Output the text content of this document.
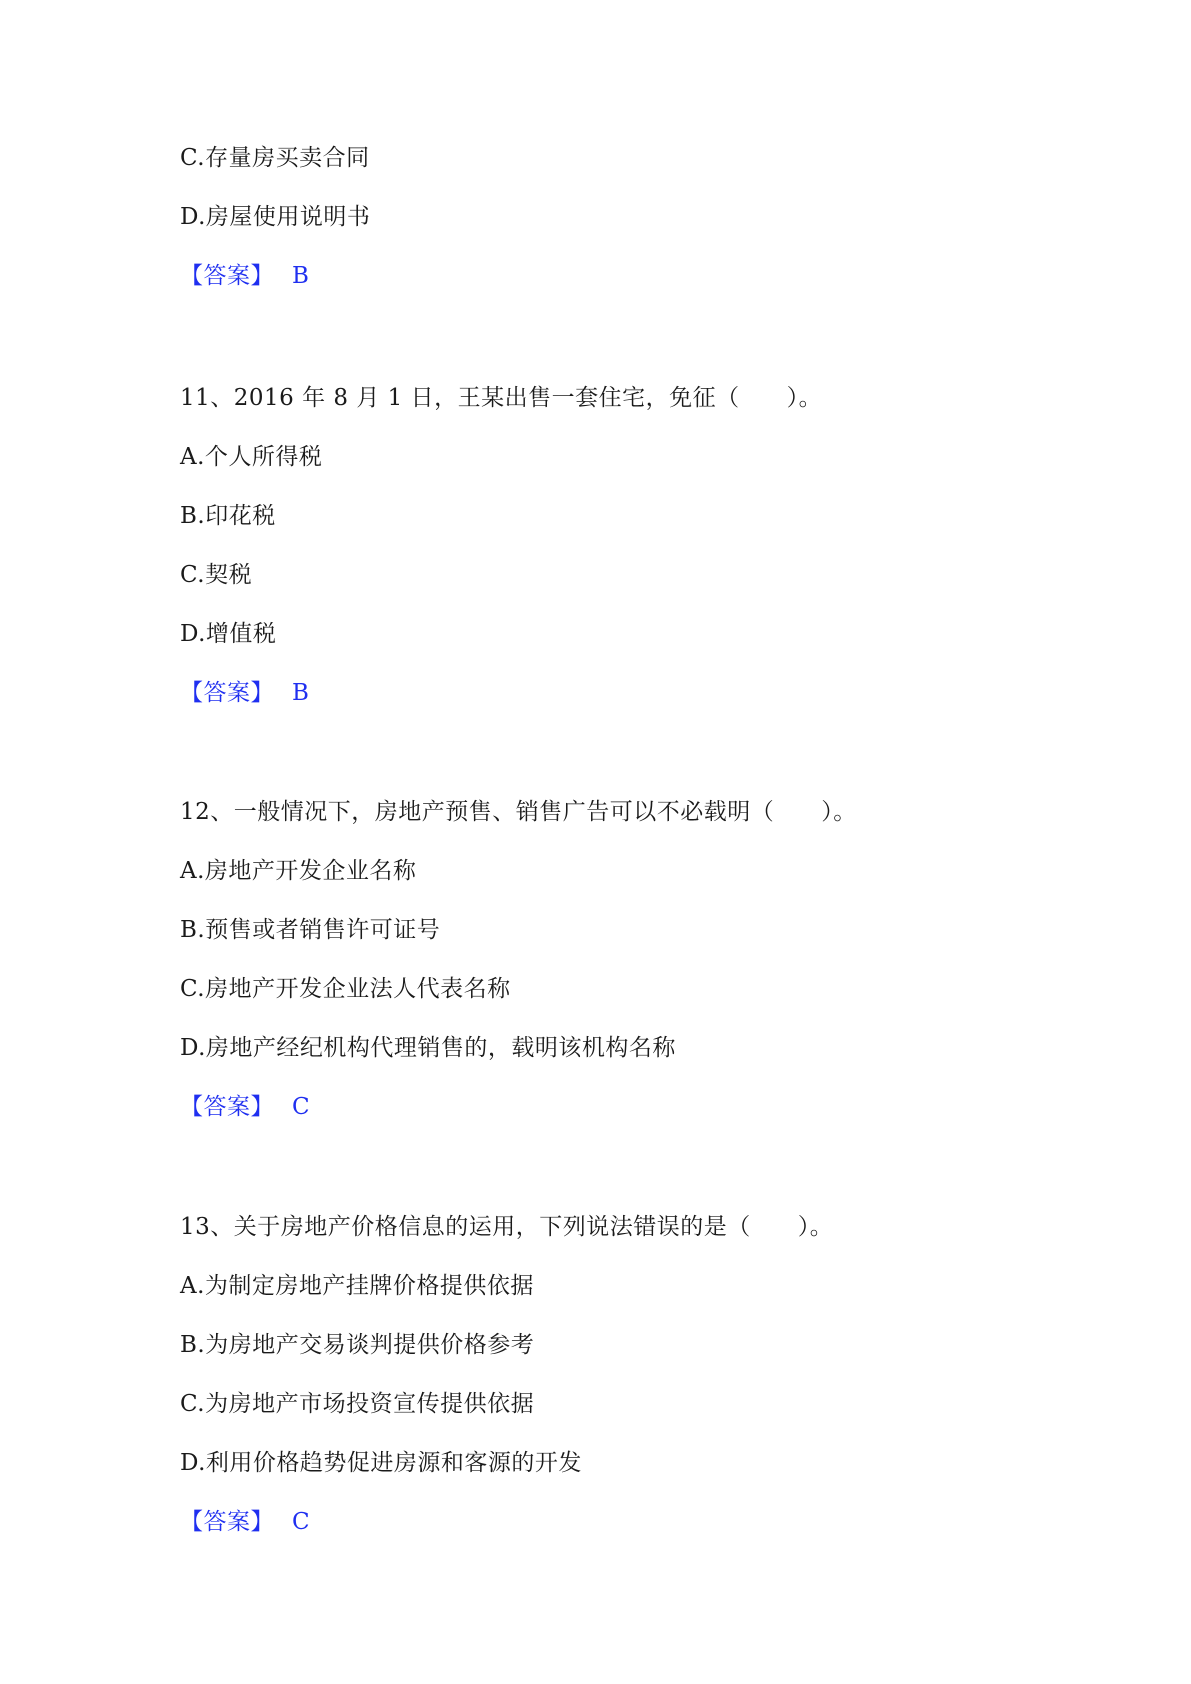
C.存量房买卖合同
D.房屋使用说明书
【答案】 B
11、2016 年 8 月 1 日，王某出售一套住宅，免征（　　）。
A.个人所得税
B.印花税
C.契税
D.增值税
【答案】 B
12、一般情况下，房地产预售、销售广告可以不必载明（　　）。
A.房地产开发企业名称
B.预售或者销售许可证号
C.房地产开发企业法人代表名称
D.房地产经纪机构代理销售的，载明该机构名称
【答案】 C
13、关于房地产价格信息的运用，下列说法错误的是（　　）。
A.为制定房地产挂牌价格提供依据
B.为房地产交易谈判提供价格参考
C.为房地产市场投资宣传提供依据
D.利用价格趋势促进房源和客源的开发
【答案】 C
